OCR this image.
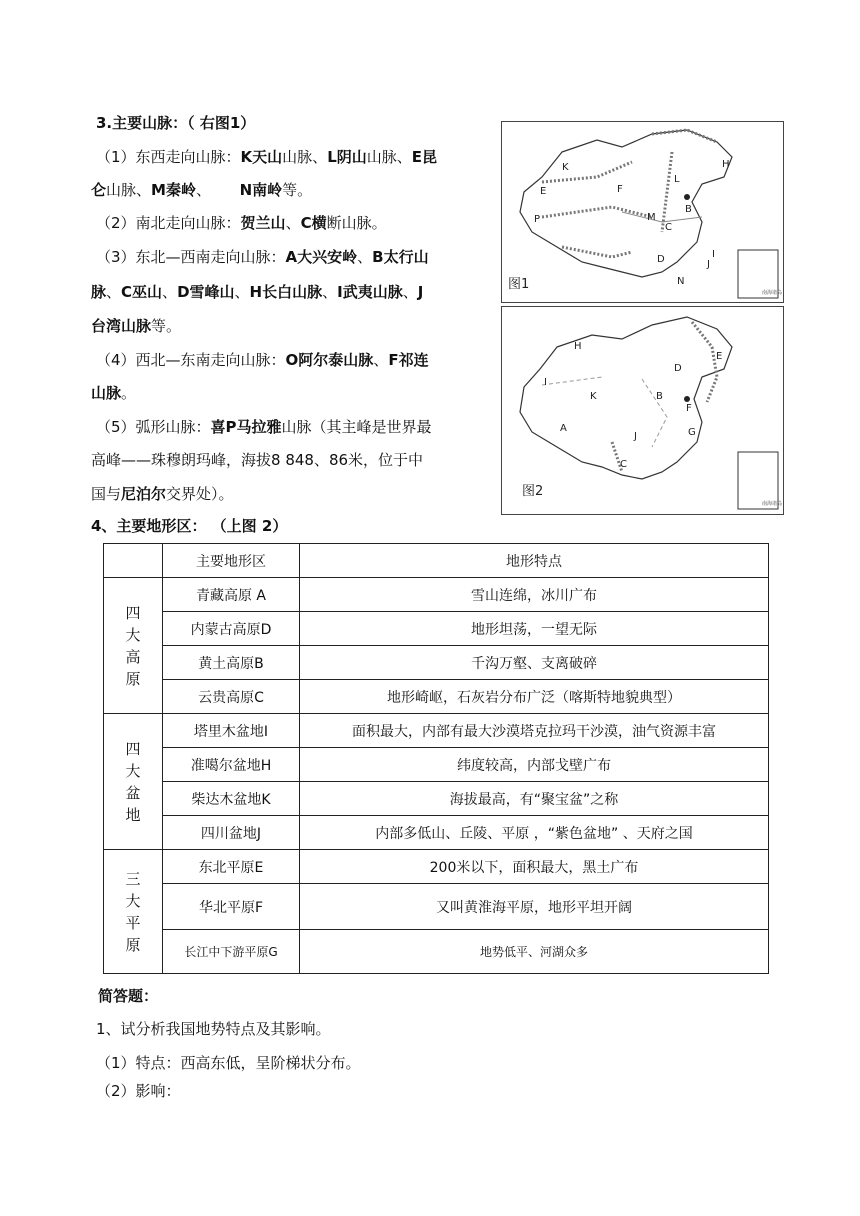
3.主要山脉：（ 右图1）
（1）东西走向山脉：K天山山脉、L阴山山脉、E昆
仑山脉、M秦岭、 N南岭等。
（2）南北走向山脉：贺兰山、C横断山脉。
（3）东北—西南走向山脉：A大兴安岭、B太行山
脉、C巫山、D雪峰山、H长白山脉、I武夷山脉、J
台湾山脉等。
（4）西北—东南走向山脉：O阿尔泰山脉、F祁连
山脉。
（5）弧形山脉：喜P马拉雅山脉（其主峰是世界最
高峰——珠穆朗玛峰，海拔8 848、86米，位于中
国与尼泊尔交界处）。
图1
K	H
E	F
L
B
P	M
C
D	J
I
N
南海诸岛
图2
H
E
I
K
D
B
F
A
J	G
C
南海诸岛
4、主要地形区： （上图 2）
	主要地形区	地形特点
四
大
高
原	青藏高原 A	雪山连绵，冰川广布
	内蒙古高原D	地形坦荡，一望无际
	黄土高原B	千沟万壑、支离破碎
	云贵高原C	地形崎岖，石灰岩分布广泛（喀斯特地貌典型）
四
大
盆
地	塔里木盆地Ⅰ	面积最大，内部有最大沙漠塔克拉玛干沙漠，油气资源丰富
	准噶尔盆地H	纬度较高，内部戈壁广布
	柴达木盆地K	海拔最高，有“聚宝盆”之称
	四川盆地J	内部多低山、丘陵、平原 ，“紫色盆地” 、天府之国
三
大
平
原	东北平原E	200米以下，面积最大，黑土广布
	华北平原F	又叫黄淮海平原，地形平坦开阔
	长江中下游平原G	地势低平、河湖众多
简答题：
1、试分析我国地势特点及其影响。
（1）特点：西高东低，呈阶梯状分布。
（2）影响：
